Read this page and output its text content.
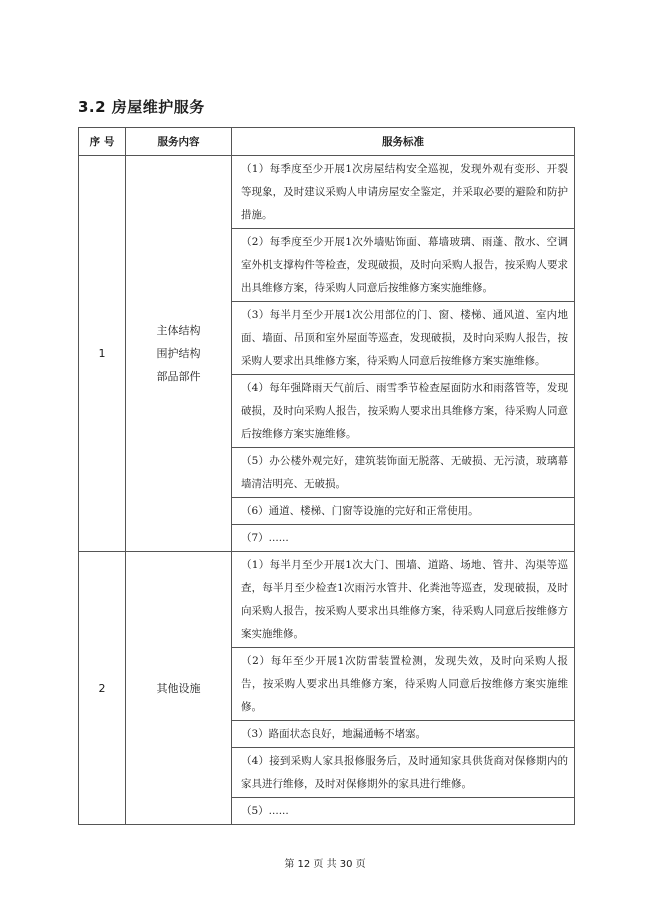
3.2 房屋维护服务
序 号	服务内容	服务标准
1	主体结构
围护结构
部品部件	（1）每季度至少开展1次房屋结构安全巡视，发现外观有变形、开裂等现象，及时建议采购人申请房屋安全鉴定，并采取必要的避险和防护措施。
		（2）每季度至少开展1次外墙贴饰面、幕墙玻璃、雨蓬、散水、空调室外机支撑构件等检查，发现破损，及时向采购人报告，按采购人要求出具维修方案，待采购人同意后按维修方案实施维修。
		（3）每半月至少开展1次公用部位的门、窗、楼梯、通风道、室内地面、墙面、吊顶和室外屋面等巡查，发现破损，及时向采购人报告，按采购人要求出具维修方案，待采购人同意后按维修方案实施维修。
		（4）每年强降雨天气前后、雨雪季节检查屋面防水和雨落管等，发现破损，及时向采购人报告，按采购人要求出具维修方案，待采购人同意后按维修方案实施维修。
		（5）办公楼外观完好，建筑装饰面无脱落、无破损、无污渍，玻璃幕墙清洁明亮、无破损。
		（6）通道、楼梯、门窗等设施的完好和正常使用。
		（7）......
2	其他设施	（1）每半月至少开展1次大门、围墙、道路、场地、管井、沟渠等巡查，每半月至少检查1次雨污水管井、化粪池等巡查，发现破损，及时向采购人报告，按采购人要求出具维修方案，待采购人同意后按维修方案实施维修。
		（2）每年至少开展1次防雷装置检测，发现失效，及时向采购人报告，按采购人要求出具维修方案，待采购人同意后按维修方案实施维修。
		（3）路面状态良好，地漏通畅不堵塞。
		（4）接到采购人家具报修服务后，及时通知家具供货商对保修期内的家具进行维修，及时对保修期外的家具进行维修。
		（5）......
第 12 页 共 30 页
